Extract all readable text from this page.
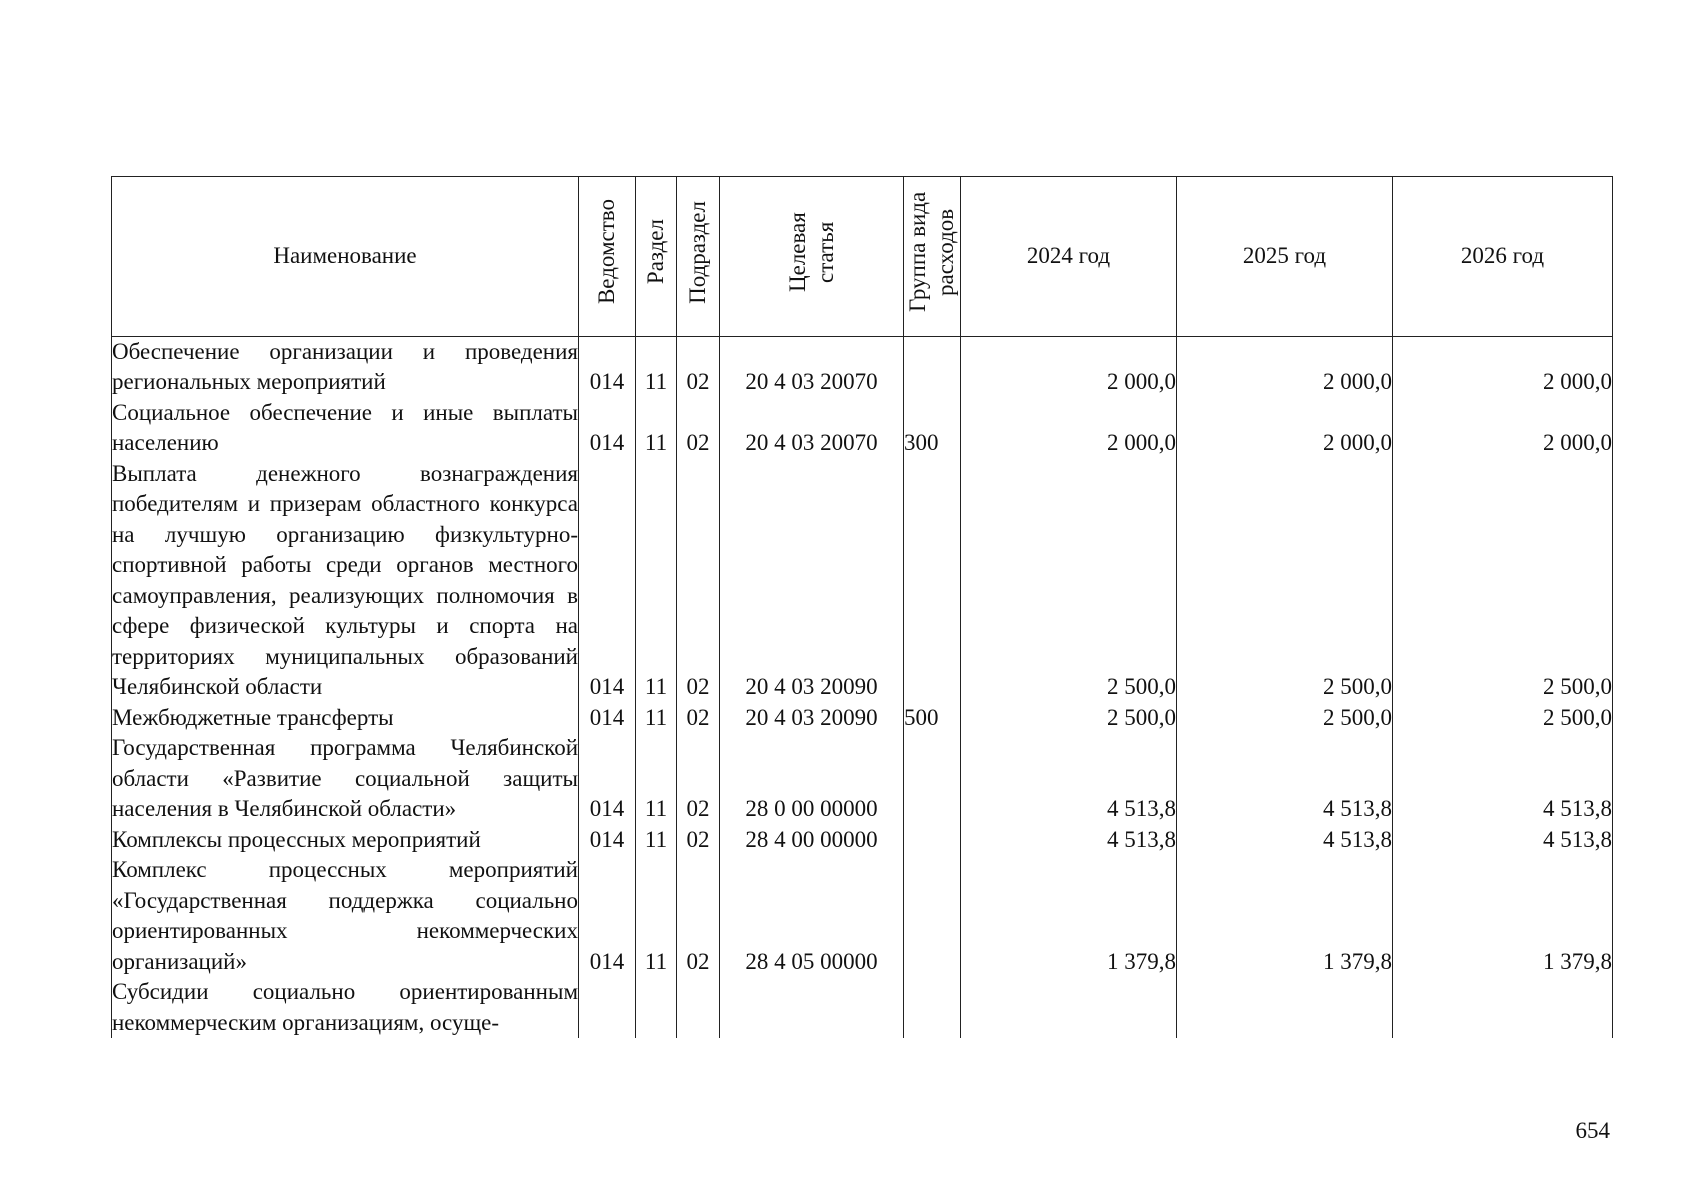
Наименование	Ведомство	Раздел	Подраздел	Целевая статья	Группа вида расходов	2024 год	2025 год	2026 год
Обеспечение организации и проведения региональных мероприятий	014	11	02	20 4 03 20070		2 000,0	2 000,0	2 000,0
Социальное обеспечение и иные выплаты населению	014	11	02	20 4 03 20070	300	2 000,0	2 000,0	2 000,0
Выплата денежного вознаграждения победителям и призерам областного конкурса на лучшую организацию физкультурно-спортивной работы среди органов местного самоуправления, реализующих полномочия в сфере физической культуры и спорта на территориях муниципальных образований Челябинской области	014	11	02	20 4 03 20090		2 500,0	2 500,0	2 500,0
Межбюджетные трансферты	014	11	02	20 4 03 20090	500	2 500,0	2 500,0	2 500,0
Государственная программа Челябинской области «Развитие социальной защиты населения в Челябинской области»	014	11	02	28 0 00 00000		4 513,8	4 513,8	4 513,8
Комплексы процессных мероприятий	014	11	02	28 4 00 00000		4 513,8	4 513,8	4 513,8
Комплекс процессных мероприятий «Государственная поддержка социально ориентированных некоммерческих организаций»	014	11	02	28 4 05 00000		1 379,8	1 379,8	1 379,8
Субсидии социально ориентированным некоммерческим организациям, осуще-								
654
